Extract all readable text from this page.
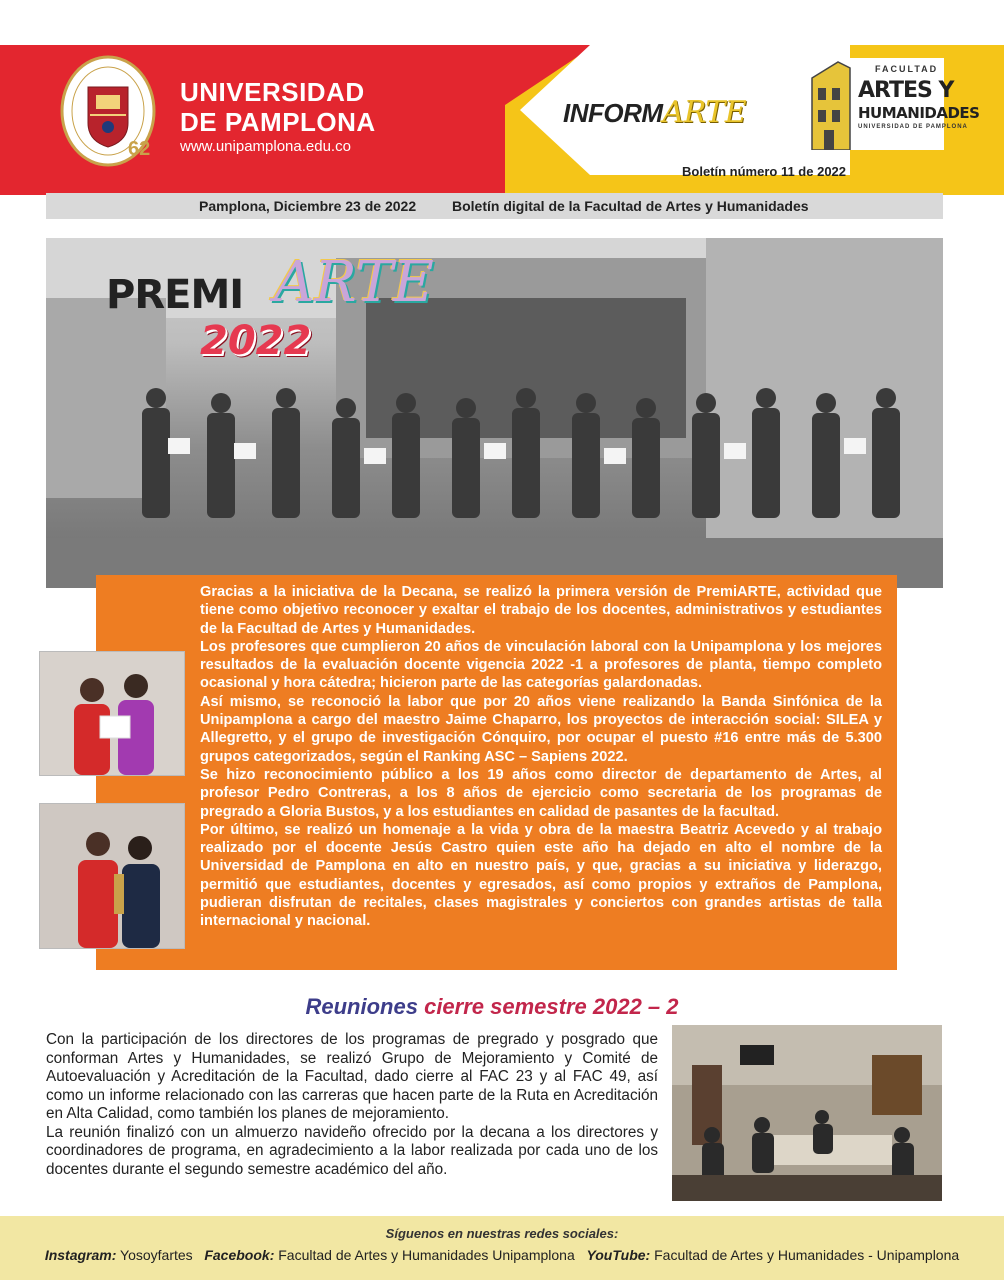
62
UNIVERSIDAD
DE PAMPLONA
www.unipamplona.edu.co
INFORMARTE
FACULTAD
ARTES Y
HUMANIDADES
UNIVERSIDAD DE PAMPLONA
Boletín número 11 de 2022
Pamplona, Diciembre 23 de 2022	Boletín digital de la Facultad de Artes y Humanidades
PREMI ARTE
2022

Gracias a la iniciativa de la Decana, se realizó la primera versión de PremiARTE, actividad que tiene como objetivo reconocer y exaltar el trabajo de los docentes, administrativos y estudiantes de la Facultad de Artes y Humanidades.

Los profesores que cumplieron 20 años de vinculación laboral con la Unipamplona y los mejores resultados de la evaluación docente vigencia 2022 -1 a profesores de planta, tiempo completo ocasional y hora cátedra; hicieron parte de las categorías galardonadas.

Así mismo, se reconoció la labor que por 20 años viene realizando la Banda Sinfónica de la Unipamplona a cargo del maestro Jaime Chaparro, los proyectos de interacción social: SILEA y Allegretto, y el grupo de investigación Cónquiro, por ocupar el puesto #16 entre más de 5.300 grupos categorizados, según el Ranking ASC – Sapiens 2022.

Se hizo reconocimiento público a los 19 años como director de departamento de Artes, al profesor Pedro Contreras, a los 8 años de ejercicio como secretaria de los programas de pregrado a Gloria Bustos, y a los estudiantes en calidad de pasantes de la facultad.

Por último, se realizó un homenaje a la vida y obra de la maestra Beatriz Acevedo y al trabajo realizado por el docente Jesús Castro quien este año ha dejado en alto el nombre de la Universidad de Pamplona en alto en nuestro país, y que, gracias a su iniciativa y liderazgo, permitió que estudiantes, docentes y egresados, así como propios y extraños de Pamplona, pudieran disfrutan de recitales, clases magistrales y conciertos con grandes artistas de talla internacional y nacional.

Reuniones cierre semestre 2022 – 2

Con la participación de los directores de los programas de pregrado y posgrado que conforman Artes y Humanidades, se realizó Grupo de Mejoramiento y Comité de Autoevaluación y Acreditación de la Facultad, dado cierre al FAC 23 y al FAC 49, así como un informe relacionado con las carreras que hacen parte de la Ruta en Acreditación en Alta Calidad, como también los planes de mejoramiento.

La reunión finalizó con un almuerzo navideño ofrecido por la decana a los directores y coordinadores de programa, en agradecimiento a la labor realizada por cada uno de los docentes durante el segundo semestre académico del año.

Síguenos en nuestras redes sociales:
Instagram: Yosoyfartes Facebook: Facultad de Artes y Humanidades Unipamplona YouTube: Facultad de Artes y Humanidades - Unipamplona
